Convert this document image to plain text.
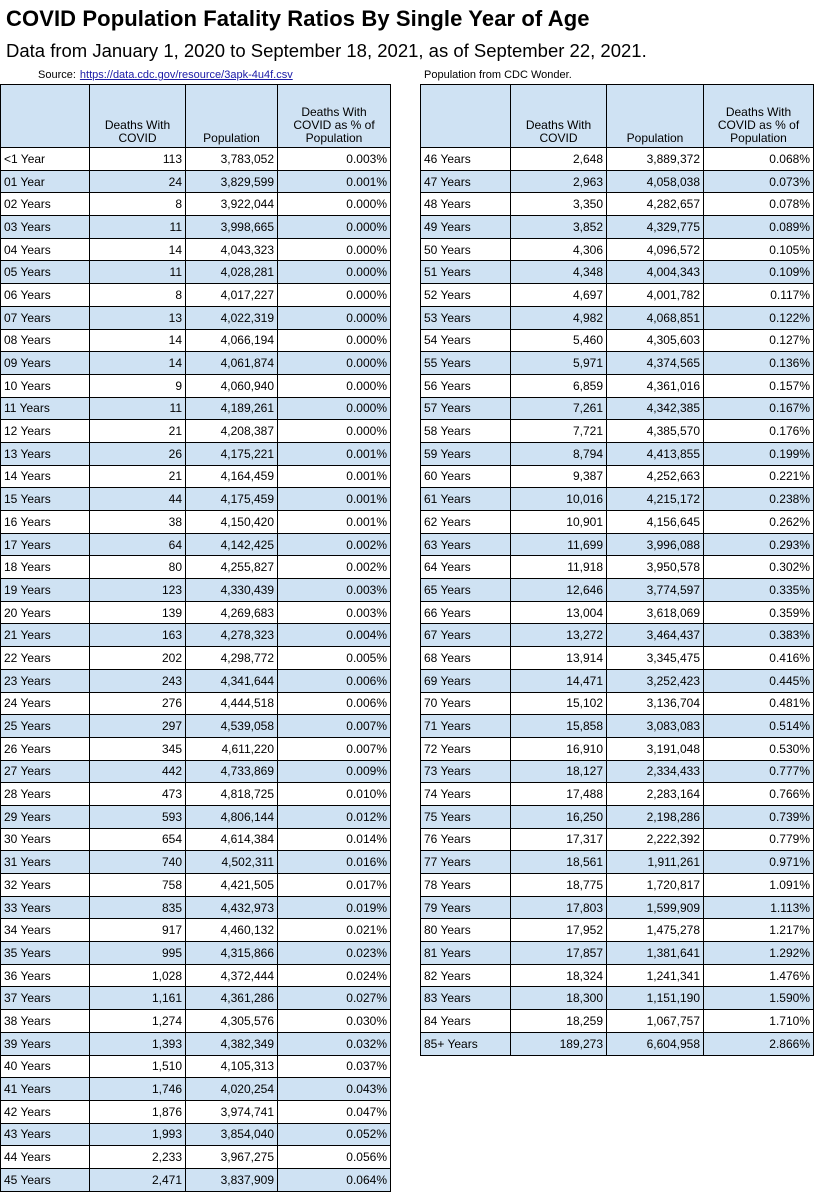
COVID Population Fatality Ratios By Single Year of Age
Data from January 1, 2020 to September 18, 2021, as of September 22, 2021.
Source: https://data.cdc.gov/resource/3apk-4u4f.csv	Population from CDC Wonder.
	Deaths With COVID	Population	Deaths With COVID as % of Population
<1 Year	113	3,783,052	0.003%
01 Year	24	3,829,599	0.001%
02 Years	8	3,922,044	0.000%
03 Years	11	3,998,665	0.000%
04 Years	14	4,043,323	0.000%
05 Years	11	4,028,281	0.000%
06 Years	8	4,017,227	0.000%
07 Years	13	4,022,319	0.000%
08 Years	14	4,066,194	0.000%
09 Years	14	4,061,874	0.000%
10 Years	9	4,060,940	0.000%
11 Years	11	4,189,261	0.000%
12 Years	21	4,208,387	0.000%
13 Years	26	4,175,221	0.001%
14 Years	21	4,164,459	0.001%
15 Years	44	4,175,459	0.001%
16 Years	38	4,150,420	0.001%
17 Years	64	4,142,425	0.002%
18 Years	80	4,255,827	0.002%
19 Years	123	4,330,439	0.003%
20 Years	139	4,269,683	0.003%
21 Years	163	4,278,323	0.004%
22 Years	202	4,298,772	0.005%
23 Years	243	4,341,644	0.006%
24 Years	276	4,444,518	0.006%
25 Years	297	4,539,058	0.007%
26 Years	345	4,611,220	0.007%
27 Years	442	4,733,869	0.009%
28 Years	473	4,818,725	0.010%
29 Years	593	4,806,144	0.012%
30 Years	654	4,614,384	0.014%
31 Years	740	4,502,311	0.016%
32 Years	758	4,421,505	0.017%
33 Years	835	4,432,973	0.019%
34 Years	917	4,460,132	0.021%
35 Years	995	4,315,866	0.023%
36 Years	1,028	4,372,444	0.024%
37 Years	1,161	4,361,286	0.027%
38 Years	1,274	4,305,576	0.030%
39 Years	1,393	4,382,349	0.032%
40 Years	1,510	4,105,313	0.037%
41 Years	1,746	4,020,254	0.043%
42 Years	1,876	3,974,741	0.047%
43 Years	1,993	3,854,040	0.052%
44 Years	2,233	3,967,275	0.056%
45 Years	2,471	3,837,909	0.064%
	Deaths With COVID	Population	Deaths With COVID as % of Population
46 Years	2,648	3,889,372	0.068%
47 Years	2,963	4,058,038	0.073%
48 Years	3,350	4,282,657	0.078%
49 Years	3,852	4,329,775	0.089%
50 Years	4,306	4,096,572	0.105%
51 Years	4,348	4,004,343	0.109%
52 Years	4,697	4,001,782	0.117%
53 Years	4,982	4,068,851	0.122%
54 Years	5,460	4,305,603	0.127%
55 Years	5,971	4,374,565	0.136%
56 Years	6,859	4,361,016	0.157%
57 Years	7,261	4,342,385	0.167%
58 Years	7,721	4,385,570	0.176%
59 Years	8,794	4,413,855	0.199%
60 Years	9,387	4,252,663	0.221%
61 Years	10,016	4,215,172	0.238%
62 Years	10,901	4,156,645	0.262%
63 Years	11,699	3,996,088	0.293%
64 Years	11,918	3,950,578	0.302%
65 Years	12,646	3,774,597	0.335%
66 Years	13,004	3,618,069	0.359%
67 Years	13,272	3,464,437	0.383%
68 Years	13,914	3,345,475	0.416%
69 Years	14,471	3,252,423	0.445%
70 Years	15,102	3,136,704	0.481%
71 Years	15,858	3,083,083	0.514%
72 Years	16,910	3,191,048	0.530%
73 Years	18,127	2,334,433	0.777%
74 Years	17,488	2,283,164	0.766%
75 Years	16,250	2,198,286	0.739%
76 Years	17,317	2,222,392	0.779%
77 Years	18,561	1,911,261	0.971%
78 Years	18,775	1,720,817	1.091%
79 Years	17,803	1,599,909	1.113%
80 Years	17,952	1,475,278	1.217%
81 Years	17,857	1,381,641	1.292%
82 Years	18,324	1,241,341	1.476%
83 Years	18,300	1,151,190	1.590%
84 Years	18,259	1,067,757	1.710%
85+ Years	189,273	6,604,958	2.866%
